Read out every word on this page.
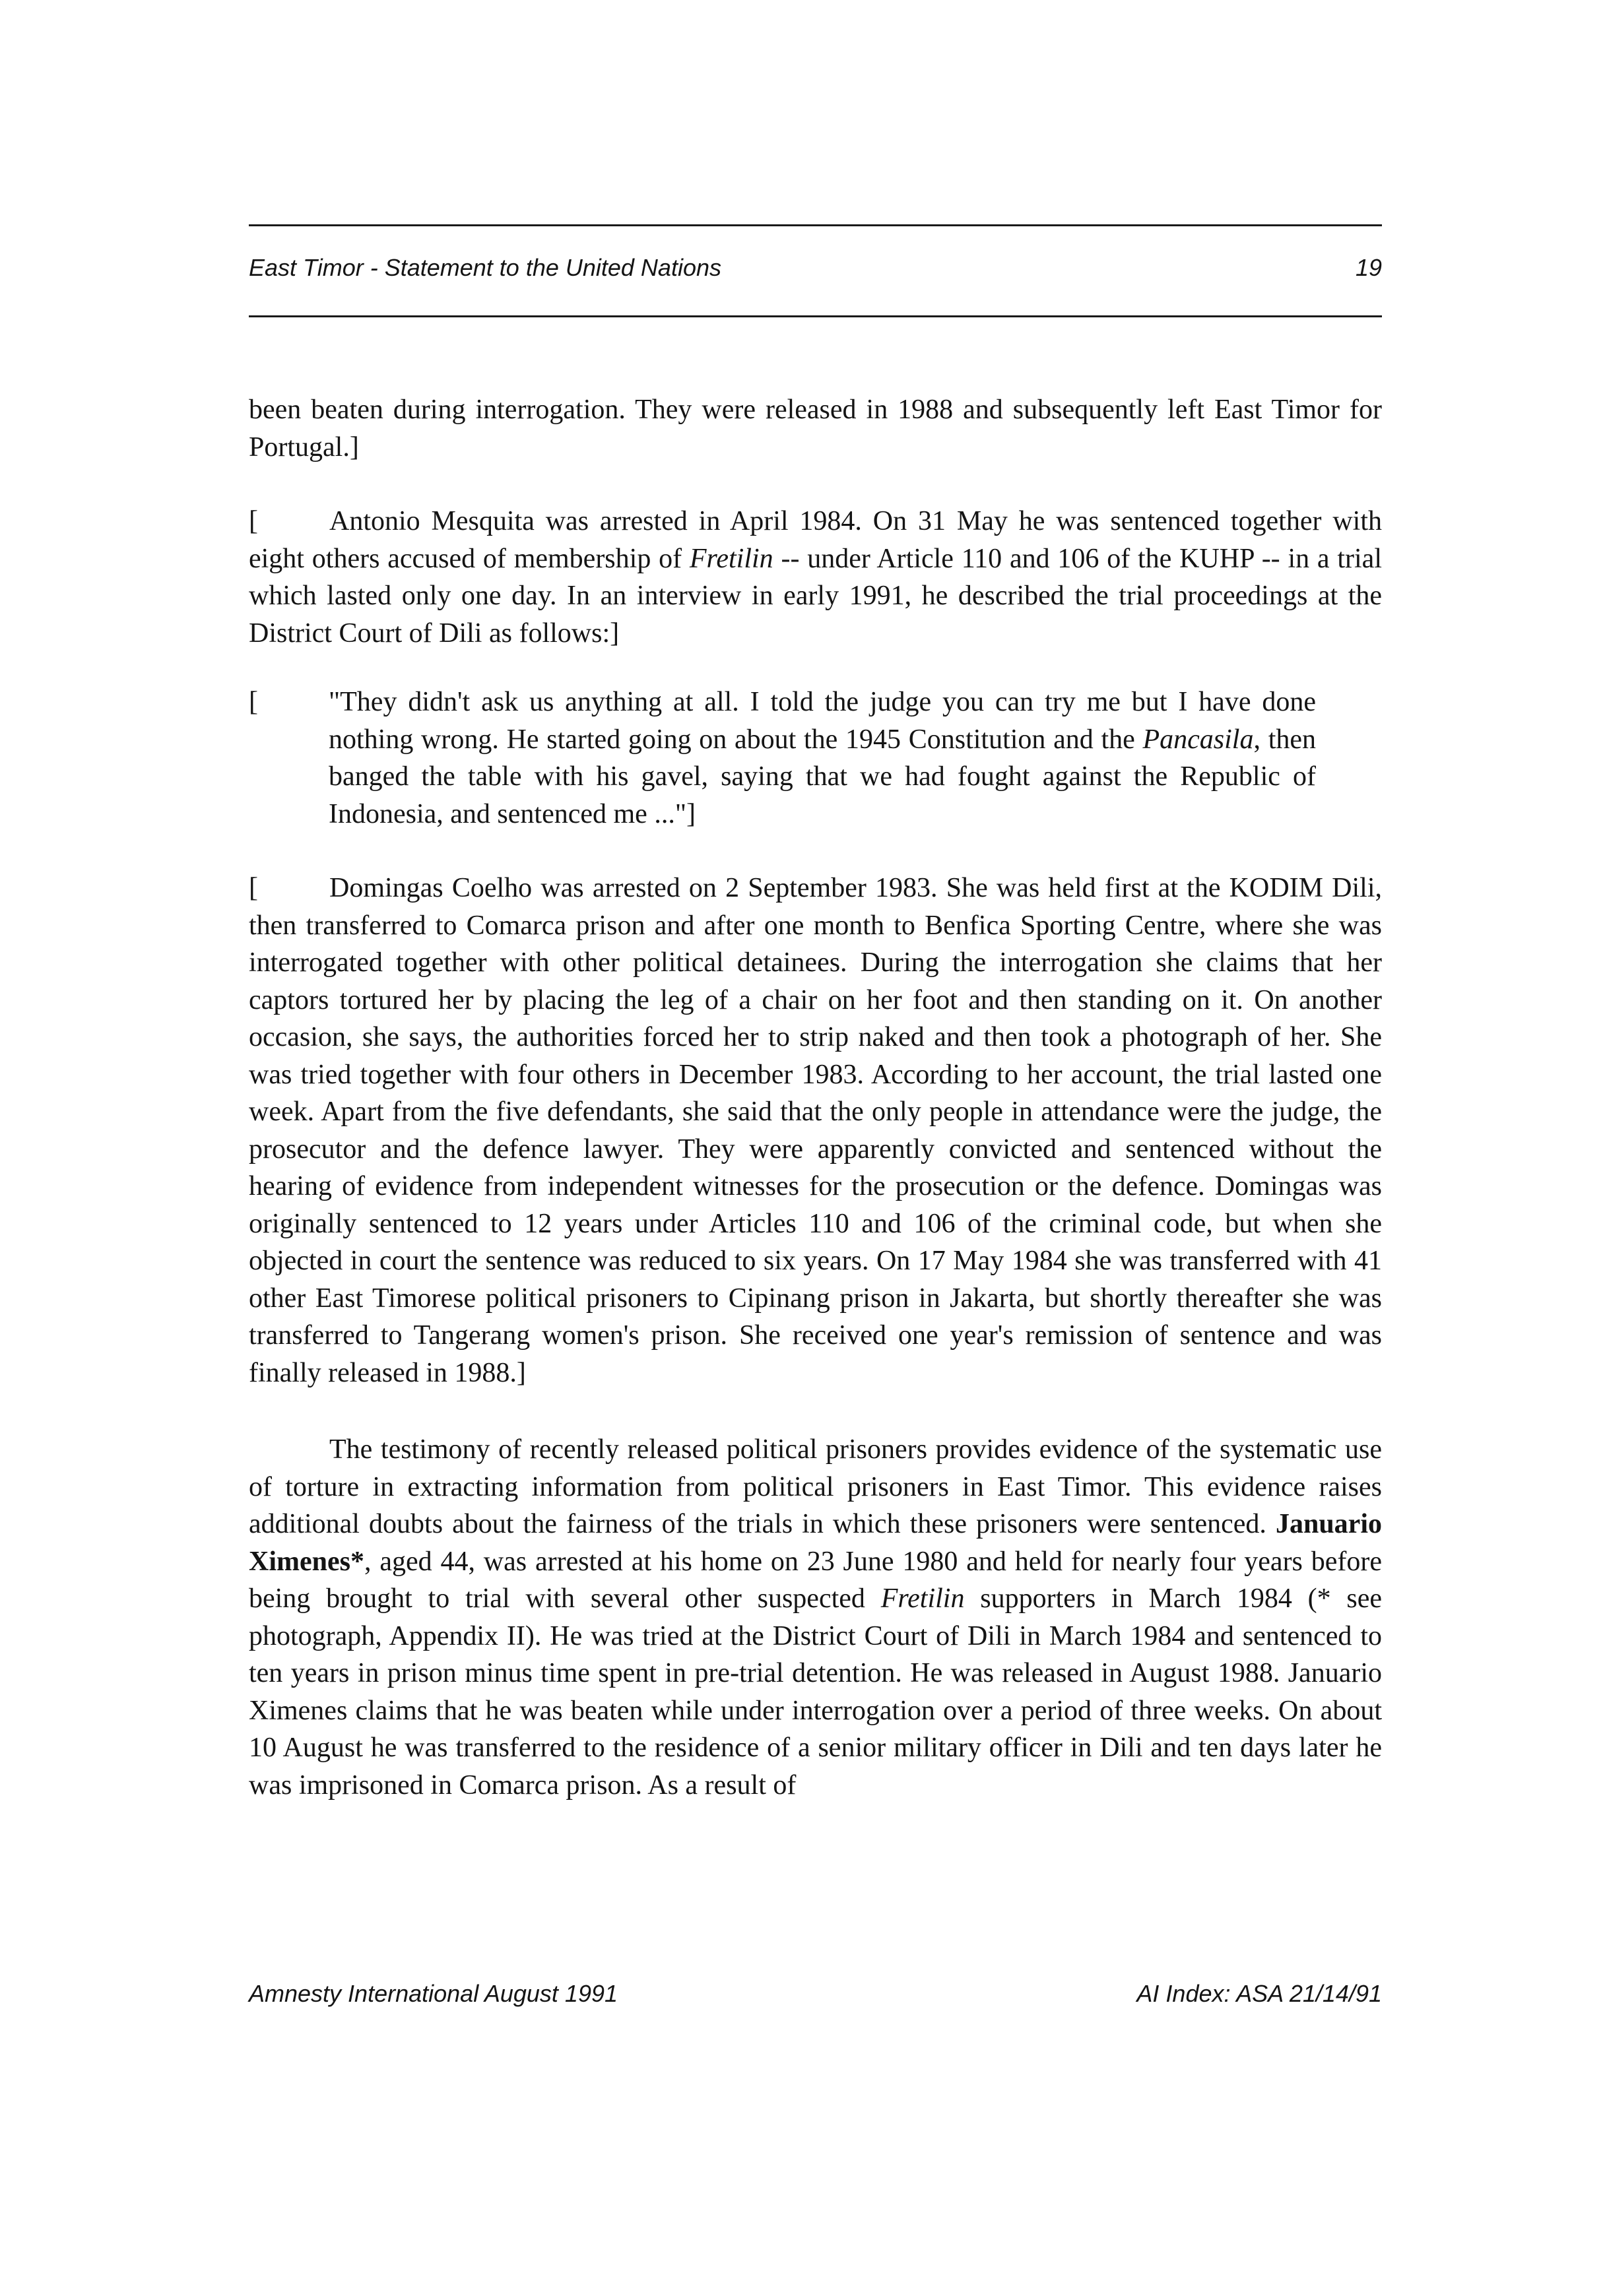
East Timor - Statement to the United Nations	19

been beaten during interrogation. They were released in 1988 and subsequently left East Timor for Portugal.]

[	Antonio Mesquita was arrested in April 1984. On 31 May he was sentenced together with eight others accused of membership of Fretilin -- under Article 110 and 106 of the KUHP -- in a trial which lasted only one day. In an interview in early 1991, he described the trial proceedings at the District Court of Dili as follows:]

[	"They didn't ask us anything at all. I told the judge you can try me but I have done nothing wrong. He started going on about the 1945 Constitution and the Pancasila, then banged the table with his gavel, saying that we had fought against the Republic of Indonesia, and sentenced me ..."]

[	Domingas Coelho was arrested on 2 September 1983. She was held first at the KODIM Dili, then transferred to Comarca prison and after one month to Benfica Sporting Centre, where she was interrogated together with other political detainees. During the interrogation she claims that her captors tortured her by placing the leg of a chair on her foot and then standing on it. On another occasion, she says, the authorities forced her to strip naked and then took a photograph of her. She was tried together with four others in December 1983. According to her account, the trial lasted one week. Apart from the five defendants, she said that the only people in attendance were the judge, the prosecutor and the defence lawyer. They were apparently convicted and sentenced without the hearing of evidence from independent witnesses for the prosecution or the defence. Domingas was originally sentenced to 12 years under Articles 110 and 106 of the criminal code, but when she objected in court the sentence was reduced to six years. On 17 May 1984 she was transferred with 41 other East Timorese political prisoners to Cipinang prison in Jakarta, but shortly thereafter she was transferred to Tangerang women's prison. She received one year's remission of sentence and was finally released in 1988.]

The testimony of recently released political prisoners provides evidence of the systematic use of torture in extracting information from political prisoners in East Timor. This evidence raises additional doubts about the fairness of the trials in which these prisoners were sentenced. Januario Ximenes*, aged 44, was arrested at his home on 23 June 1980 and held for nearly four years before being brought to trial with several other suspected Fretilin supporters in March 1984 (* see photograph, Appendix II). He was tried at the District Court of Dili in March 1984 and sentenced to ten years in prison minus time spent in pre-trial detention. He was released in August 1988. Januario Ximenes claims that he was beaten while under interrogation over a period of three weeks. On about 10 August he was transferred to the residence of a senior military officer in Dili and ten days later he was imprisoned in Comarca prison. As a result of

Amnesty International August 1991	AI Index: ASA 21/14/91
